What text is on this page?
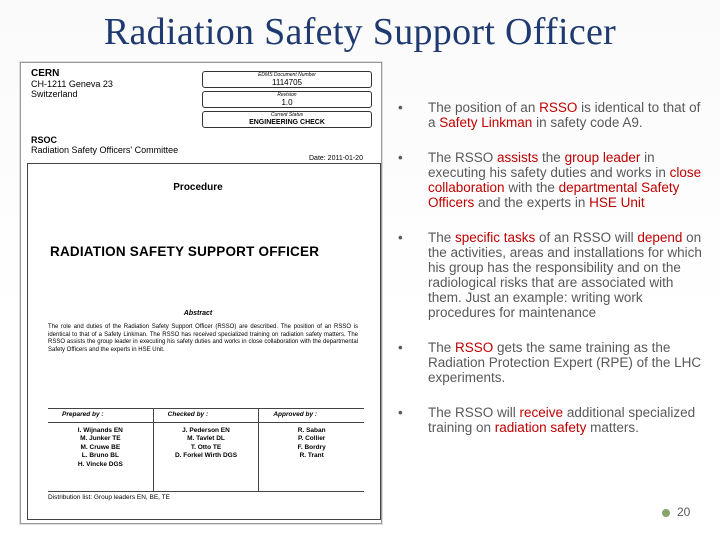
Radiation Safety Support Officer
CERN
CH-1211 Geneva 23
Switzerland
EDMS Document Number
1114705
Revision
1.0
Current Status
ENGINEERING CHECK
RSOC
Radiation Safety Officers' Committee
Date: 2011-01-20
Procedure
RADIATION SAFETY SUPPORT OFFICER
Abstract
The role and duties of the Radiation Safety Support Officer (RSSO) are described. The position of an RSSO is identical to that of a Safety Linkman. The RSSO has received specialized training on radiation safety matters. The RSSO assists the group leader in executing his safety duties and works in close collaboration with the departmental Safety Officers and the experts in HSE Unit.
Prepared by :
I. Wijnands EN
M. Junker TE
M. Cruwe BE
L. Bruno BL
H. Vincke DGS
Checked by :
J. Pederson EN
M. Tavlet DL
T. Otto TE
D. Forkel Wirth DGS
Approved by :
R. Saban
P. Collier
F. Bordry
R. Trant
Distribution list: Group leaders EN, BE, TE
• The position of an RSSO is identical to that of a Safety Linkman in safety code A9.
• The RSSO assists the group leader in executing his safety duties and works in close collaboration with the departmental Safety Officers and the experts in HSE Unit
• The specific tasks of an RSSO will depend on the activities, areas and installations for which his group has the responsibility and on the radiological risks that are associated with them. Just an example: writing work procedures for maintenance
• The RSSO gets the same training as the Radiation Protection Expert (RPE) of the LHC experiments.
• The RSSO will receive additional specialized training on radiation safety matters.
20
